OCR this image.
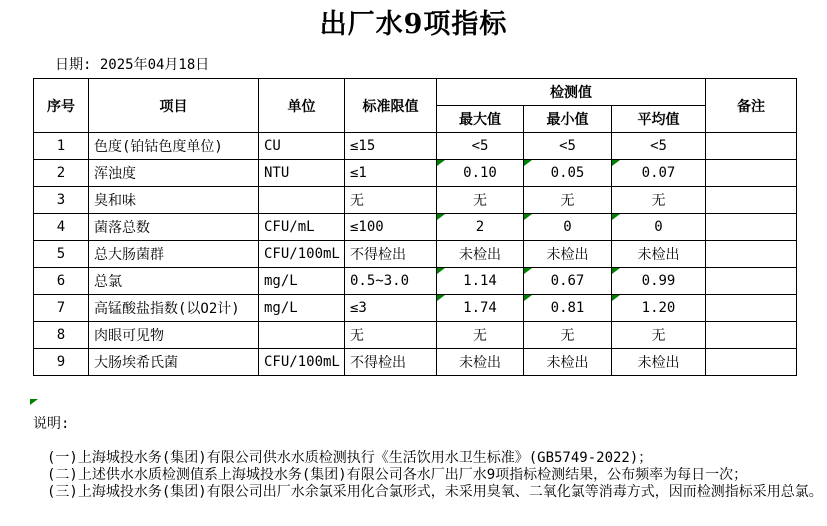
出厂水9项指标
日期: 2025年04月18日
序号	项目	单位	标准限值	检测值			备注
				最大值	最小值	平均值	
1	色度(铂钴色度单位)	CU	≤15	<5	<5	<5	
2	浑浊度	NTU	≤1	0.10	0.05	0.07	
3	臭和味		无	无	无	无	
4	菌落总数	CFU/mL	≤100	2	0	0	
5	总大肠菌群	CFU/100mL	不得检出	未检出	未检出	未检出	
6	总氯	mg/L	0.5~3.0	1.14	0.67	0.99	
7	高锰酸盐指数(以O2计)	mg/L	≤3	1.74	0.81	1.20	
8	肉眼可见物		无	无	无	无	
9	大肠埃希氏菌	CFU/100mL	不得检出	未检出	未检出	未检出	
说明:
(一)上海城投水务(集团)有限公司供水水质检测执行《生活饮用水卫生标准》(GB5749-2022)；
(二)上述供水水质检测值系上海城投水务(集团)有限公司各水厂出厂水9项指标检测结果，公布频率为每日一次；
(三)上海城投水务(集团)有限公司出厂水余氯采用化合氯形式，未采用臭氧、二氧化氯等消毒方式，因而检测指标采用总氯。
